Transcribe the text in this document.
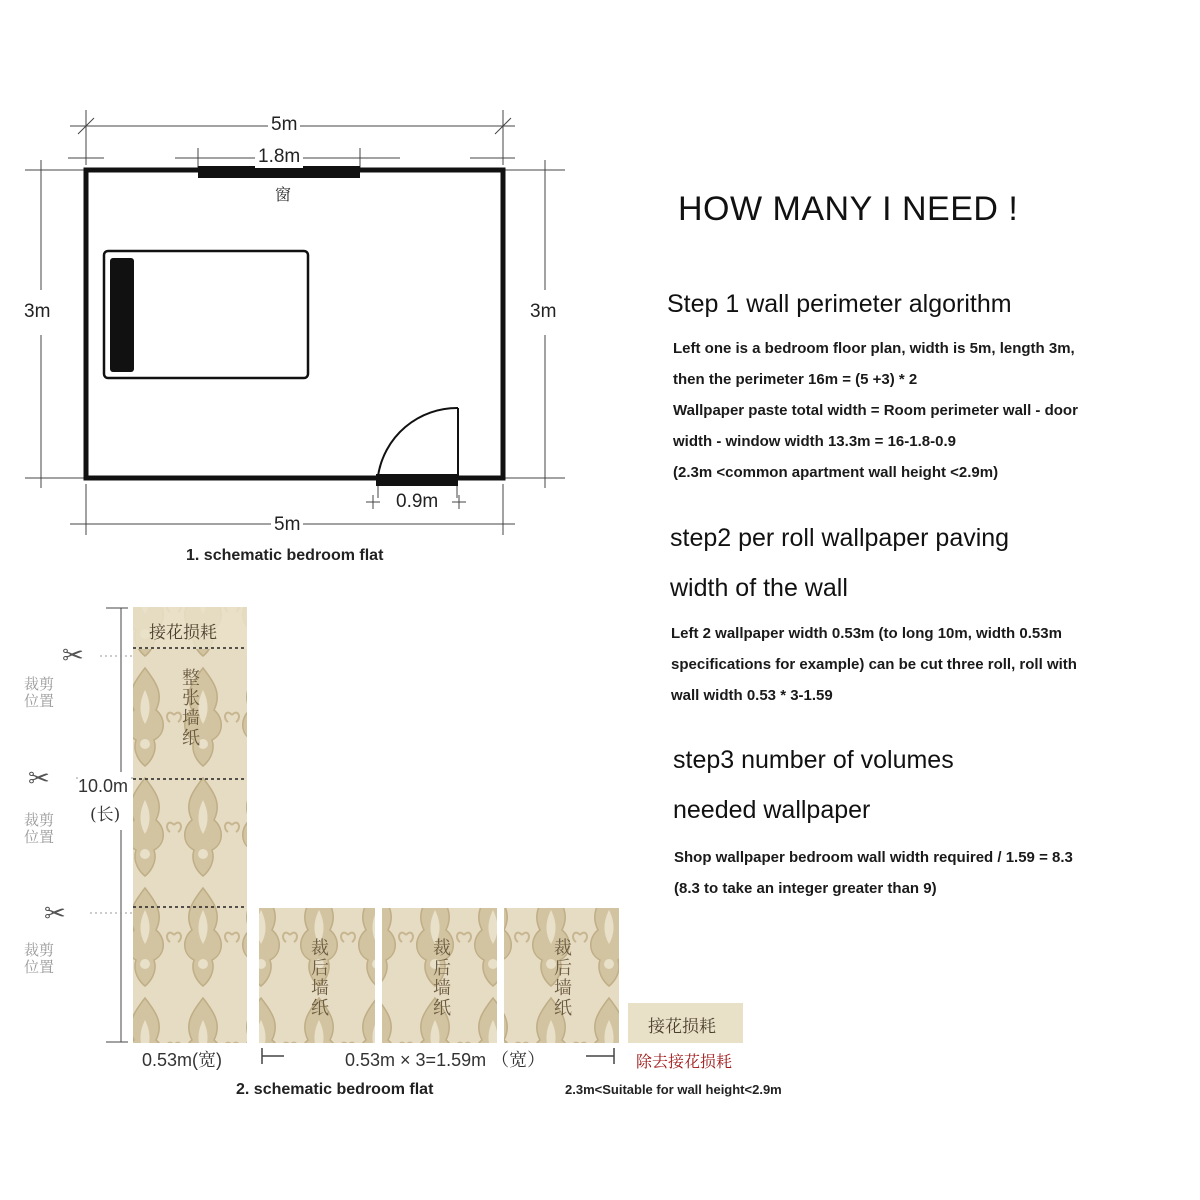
5m
1.8m
窗
3m	3m
0.9m
5m
1. schematic bedroom flat
HOW MANY I NEED !
Step 1 wall perimeter algorithm
Left one is a bedroom floor plan, width is 5m, length 3m,
then the perimeter 16m = (5 +3) * 2
Wallpaper paste total width = Room perimeter wall - door
width - window width 13.3m = 16-1.8-0.9
(2.3m <common apartment wall height <2.9m)
step2 per roll wallpaper paving
width of the wall
Left 2 wallpaper width 0.53m (to long 10m, width 0.53m
specifications for example) can be cut three roll, roll with
wall width 0.53 * 3-1.59
step3 number of volumes
needed wallpaper
Shop wallpaper bedroom wall width required / 1.59 = 8.3
(8.3 to take an integer greater than 9)
接花损耗
整张墙纸
10.0m
(长)
✂
✂
✂
裁剪位置
裁剪位置
裁剪位置	裁后墙纸	裁后墙纸	裁后墙纸
接花损耗
0.53m(宽)	0.53m × 3=1.59m （宽）	除去接花损耗
2. schematic bedroom flat	2.3m<Suitable for wall height<2.9m
